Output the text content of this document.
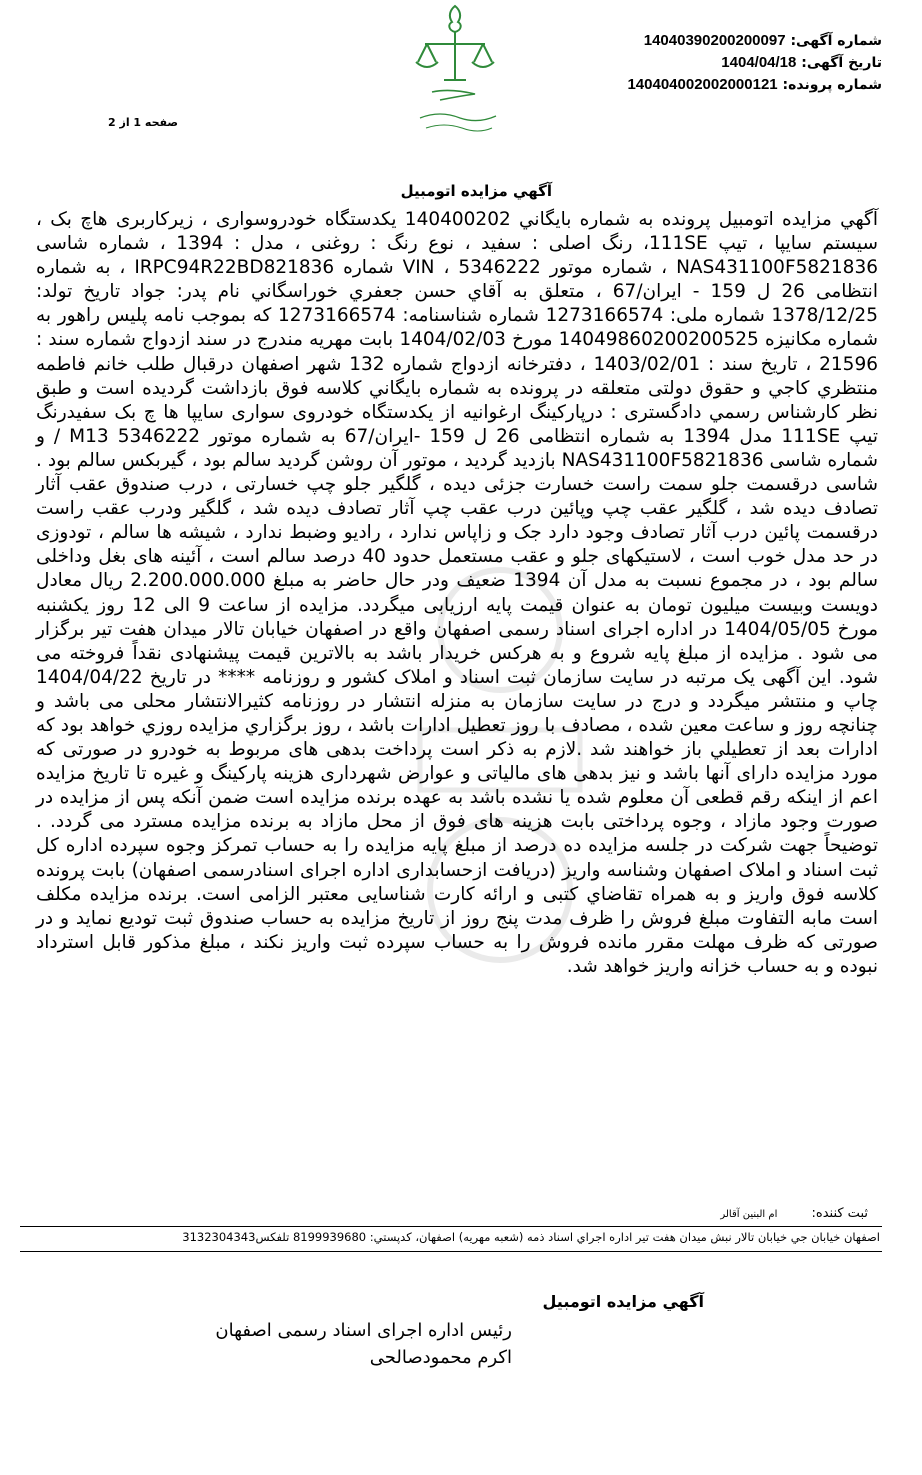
شماره آگهی: 14040390200200097
تاریخ آگهی: 1404/04/18
شماره پرونده: 140404002002000121
صفحه 1 از 2
آگهي مزايده اتومبيل
آگهي مزايده اتومبيل پرونده به شماره بايگاني 140400202 يكدستگاه خودروسواری ، زیرکاربری هاچ بک ، سیستم سایپا ، تیپ 111SE، رنگ اصلی : سفید ، نوع رنگ : روغنی ، مدل : 1394 ، شماره شاسی NAS431100F5821836 ، شماره موتور 5346222 ، VIN شماره IRPC94R22BD821836 ، به شماره انتظامی 26 ل 159 - ایران/67 ، متعلق به آقاي حسن جعفري خوراسگاني نام پدر: جواد تاريخ تولد: 1378/12/25 شماره ملی: 1273166574 شماره شناسنامه: 1273166574 كه بموجب نامه پلیس راهور به شماره مکانیزه 14049860200200525 مورخ 1404/02/03 بابت مهريه مندرج در سند ازدواج شماره سند : 21596 ، تاريخ سند : 1403/02/01 ، دفترخانه ازدواج شماره 132 شهر اصفهان درقبال طلب خانم فاطمه منتظري كاجي و حقوق دولتی متعلقه در پرونده به شماره بايگاني كلاسه فوق بازداشت گرديده است و طبق نظر كارشناس رسمي دادگستری : درپارکینگ ارغوانیه از یکدستگاه خودروی سواری سایپا ها چ بک سفیدرنگ تیپ 111SE مدل 1394 به شماره انتظامی 26 ل 159 -ایران/67 به شماره موتور 5346222 M13 / و شماره شاسی NAS431100F5821836 بازدید گردید ، موتور آن روشن گردید سالم بود ، گیربکس سالم بود . شاسی درقسمت جلو سمت راست خسارت جزئی دیده ، گلگیر جلو چپ خسارتی ، درب صندوق عقب آثار تصادف دیده شد ، گلگیر عقب چپ وپائین درب عقب چپ آثار تصادف دیده شد ، گلگیر ودرب عقب راست درقسمت پائین درب آثار تصادف وجود دارد جک و زاپاس ندارد ، رادیو وضبط ندارد ، شیشه ها سالم ، تودوزی در حد مدل خوب است ، لاستیکهای جلو و عقب مستعمل حدود 40 درصد سالم است ، آئینه های بغل وداخلی سالم بود ، در مجموع نسبت به مدل آن 1394 ضعیف ودر حال حاضر به مبلغ 2.200.000.000 ریال معادل دویست وبیست میلیون تومان به عنوان قیمت پایه ارزیابی میگردد. مزايده از ساعت 9 الی 12 روز يكشنبه مورخ 1404/05/05 در اداره اجرای اسناد رسمی اصفهان واقع در اصفهان خیابان تالار میدان هفت تیر برگزار می شود . مزايده از مبلغ پايه شروع و به هركس خريدار باشد به بالاترين قيمت پيشنهادی نقداً فروخته می شود. اين آگهی يک مرتبه در سايت سازمان ثبت اسناد و املاک كشور و روزنامه **** در تاريخ 1404/04/22 چاپ و منتشر ميگردد و درج در سایت سازمان به منزله انتشار در روزنامه کثیرالانتشار محلی می باشد و چنانچه روز و ساعت معين شده ، مصادف با روز تعطيل ادارات باشد ، روز برگزاري مزايده روزي خواهد بود كه ادارات بعد از تعطيلي باز خواهند شد .لازم به ذكر است پرداخت بدهی های مربوط به خودرو در صورتی كه مورد مزايده دارای آنها باشد و نيز بدهی های مالیاتی و عوارض شهرداری هزينه پاركينگ و غيره تا تاريخ مزايده اعم از اينكه رقم قطعی آن معلوم شده يا نشده باشد به عهده برنده مزايده است ضمن آنكه پس از مزايده در صورت وجود مازاد ، وجوه پرداختی بابت هزينه های فوق از محل مازاد به برنده مزايده مسترد می گردد. . توضيحاً جهت شركت در جلسه مزايده ده درصد از مبلغ پايه مزايده را به حساب تمركز وجوه سپرده اداره كل ثبت اسناد و املاک اصفهان وشناسه واريز (دريافت ازحسابداری اداره اجرای اسنادرسمی اصفهان) بابت پرونده كلاسه فوق واريز و به همراه تقاضاي كتبی و ارائه كارت شناسايی معتبر الزامی است. برنده مزايده مكلف است مابه التفاوت مبلغ فروش را ظرف مدت پنج روز از تاريخ مزايده به حساب صندوق ثبت توديع نمايد و در صورتی كه ظرف مهلت مقرر مانده فروش را به حساب سپرده ثبت واريز نكند ، مبلغ مذكور قابل استرداد نبوده و به حساب خزانه واريز خواهد شد.
ثبت كننده: ام البنين آقالر
اصفهان خيابان جي خيابان تالار نبش ميدان هفت تير اداره اجراي اسناد ذمه (شعبه مهريه) اصفهان، كدپستي: 8199939680 تلفكس3132304343
آگهي مزايده اتومبيل
رئیس اداره اجرای اسناد رسمی اصفهان
اکرم محمودصالحی
